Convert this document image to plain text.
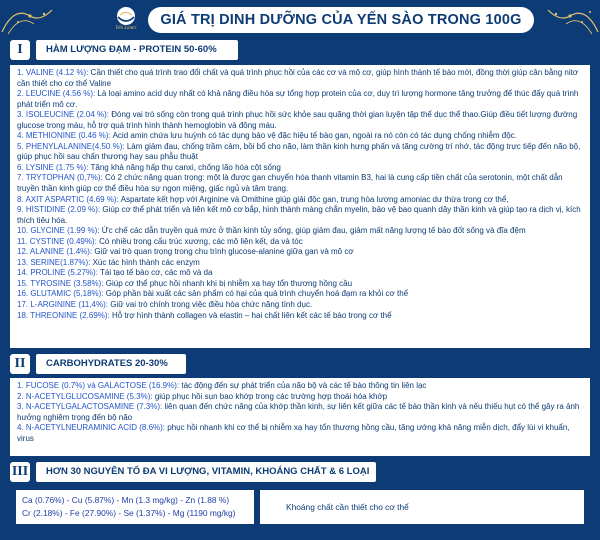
Yến Lamri
GIÁ TRỊ DINH DƯỠNG CỦA YẾN SÀO TRONG 100G
I	HÀM LƯỢNG ĐẠM - PROTEIN 50-60%

1. VALINE (4.12 %): Cần thiết cho quá trình trao đổi chất và quá trình phục hồi của các cơ và mô cơ, giúp hình thành tế bào mới, đồng thời giúp cân bằng nitơ cần thiết cho cơ thể Valine

2. LEUCINE (4.56 %): Là loại amino acid duy nhất có khả năng điều hòa sự tổng hợp protein của cơ, duy trì lượng hormone tăng trưởng để thúc đẩy quá trình phát triển mô cơ.

3. ISOLEUCINE (2.04 %): Đóng vai trò sống còn trong quá trình phục hồi sức khỏe sau quãng thời gian luyện tập thể dục thể thao.Giúp điều tiết lượng đường glucose trong máu, hỗ trợ quá trình hình thành hemoglobin và đông máu.

4. METHIONINE (0.46 %): Acid amin chứa lưu huỳnh có tác dụng bảo vệ đặc hiệu tế bào gan, ngoài ra nó còn có tác dụng chống nhiễm độc.

5. PHENYLALANINE(4.50 %): Làm giảm đau, chống trầm cảm, bồi bổ cho não, làm thần kinh hưng phấn và tăng cường trí nhớ, tác động trực tiếp đến não bộ, giúp phục hồi sau chấn thương hay sau phẫu thuật

6. LYSINE (1.75 %): Tăng khả năng hấp thụ canxi, chống lão hóa cột sống

7. TRYTOPHAN (0,7%): Có 2 chức năng quan trọng: một là được gan chuyển hóa thanh vitamin B3, hai là cung cấp tiền chất của serotonin, một chất dẫn truyền thần kinh giúp cơ thể điều hòa sự ngon miệng, giấc ngủ và tâm trạng.

8. AXIT ASPARTIC (4.69 %): Aspartate kết hợp với Arginine và Omithine giúp giải độc gan, trung hòa lượng amoniac dư thừa trong cơ thể,

9. HISTIDINE (2.09 %): Giúp cơ thể phát triển và liên kết mô cơ bắp, hình thành màng chắn myelin, bảo vệ bao quanh dây thần kinh và giúp tạo ra dịch vị, kích thích tiêu hóa.

10. GLYCINE (1.99 %): Ức chế các dẫn truyền quá mức ở thần kinh tủy sống, giúp giảm đau, giảm mất năng lượng tế bào đốt sống và đĩa đệm

11. CYSTINE (0.49%): Có nhiều trong cấu trúc xương, các mô liên kết, da và tóc

12. ALANINE (1.4%): Giữ vai trò quan trọng trong chu trình glucose-alanine giữa gan và mô cơ

13. SERINE(1.87%): Xúc tác hình thành các enzym

14. PROLINE (5.27%): Tái tạo tế bào cơ, các mô và da

15. TYROSINE (3.58%): Giúp cơ thể phục hồi nhanh khi bị nhiễm xạ hay tổn thương hồng cầu

16. GLUTAMIC (5,18%): Góp phần bài xuất các sản phẩm có hại của quá trình chuyển hoá đạm ra khỏi cơ thể

17. L-ARGININE (11,4%): Giữ vai trò chính trong việc điều hòa chức năng tình dục.

18. THREONINE (2.69%): Hỗ trợ hình thành collagen và elastin – hai chất liên kết các tế bào trong cơ thể

II	CARBOHYDRATES 20-30%

1. FUCOSE (0.7%) và GALACTOSE (16.9%): tác động đến sự phát triển của não bộ và các tế bào thông tin liên lạc

2. N-ACETYLGLUCOSAMINE (5.3%): giúp phục hồi sụn bao khớp trong các trường hợp thoái hóa khớp

3. N-ACETYLGALACTOSAMINE (7.3%): liên quan đến chức năng của khớp thần kinh, sự liên kết giữa các tế bào thần kinh và nếu thiếu hụt có thể gây ra ảnh hưởng nghiêm trọng đến bộ não

4. N-ACETYLNEURAMINIC ACID (8.6%): phục hồi nhanh khi cơ thể bị nhiễm xạ hay tổn thương hồng cầu, tăng ướng khả năng miễn dịch, đẩy lùi vi khuẩn, virus

III	HƠN 30 NGUYÊN TỐ ĐA VI LƯỢNG, VITAMIN, KHOÁNG CHẤT & 6 LOẠI
Ca (0.76%) - Cu (5.87%) - Mn (1.3 mg/kg) - Zn (1.88 %)
Cr (2.18%) - Fe (27.90%) - Se (1.37%) - Mg (1190 mg/kg)
Khoáng chất cần thiết cho cơ thể
